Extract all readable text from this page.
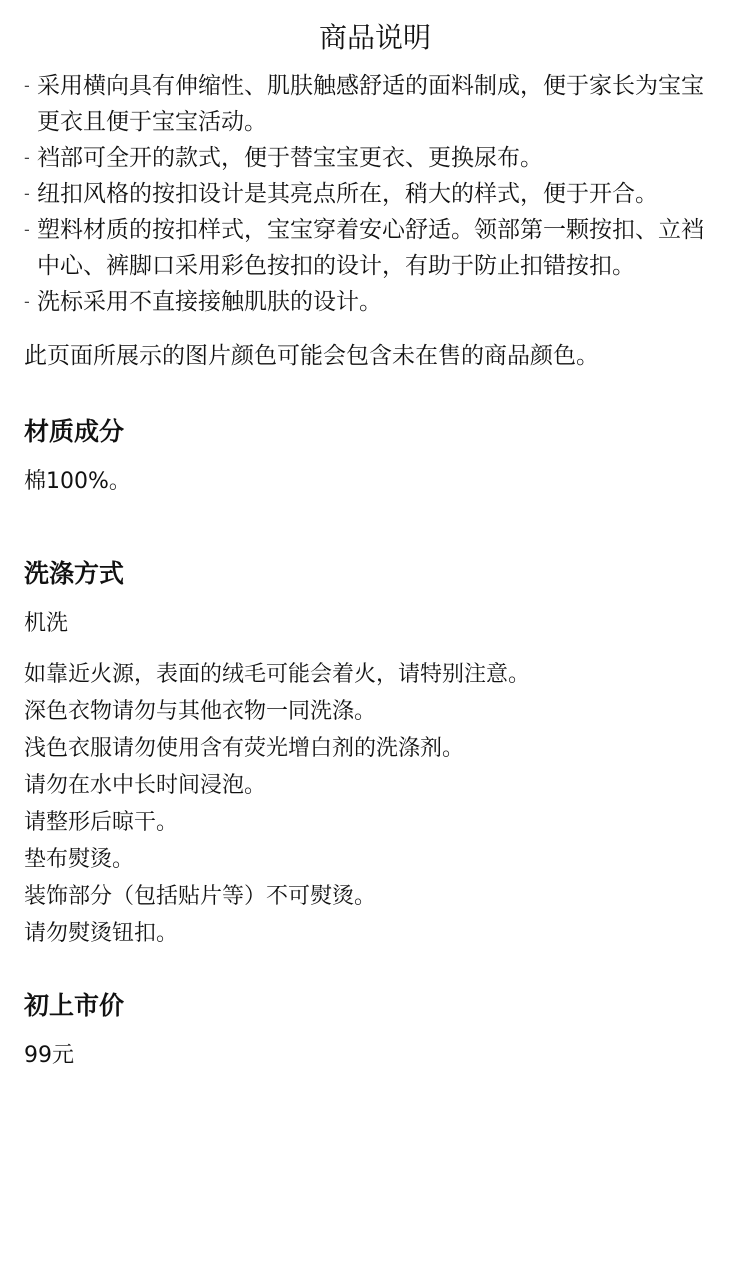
商品说明
- 采用横向具有伸缩性、肌肤触感舒适的面料制成，便于家长为宝宝更衣且便于宝宝活动。
- 裆部可全开的款式，便于替宝宝更衣、更换尿布。
- 纽扣风格的按扣设计是其亮点所在，稍大的样式，便于开合。
- 塑料材质的按扣样式，宝宝穿着安心舒适。领部第一颗按扣、立裆中心、裤脚口采用彩色按扣的设计，有助于防止扣错按扣。
- 洗标采用不直接接触肌肤的设计。

此页面所展示的图片颜色可能会包含未在售的商品颜色。

材质成分

棉100%。

洗涤方式

机洗

如靠近火源，表面的绒毛可能会着火，请特别注意。
深色衣物请勿与其他衣物一同洗涤。
浅色衣服请勿使用含有荧光增白剂的洗涤剂。
请勿在水中长时间浸泡。
请整形后晾干。
垫布熨烫。
装饰部分（包括贴片等）不可熨烫。
请勿熨烫钮扣。
初上市价

99元
